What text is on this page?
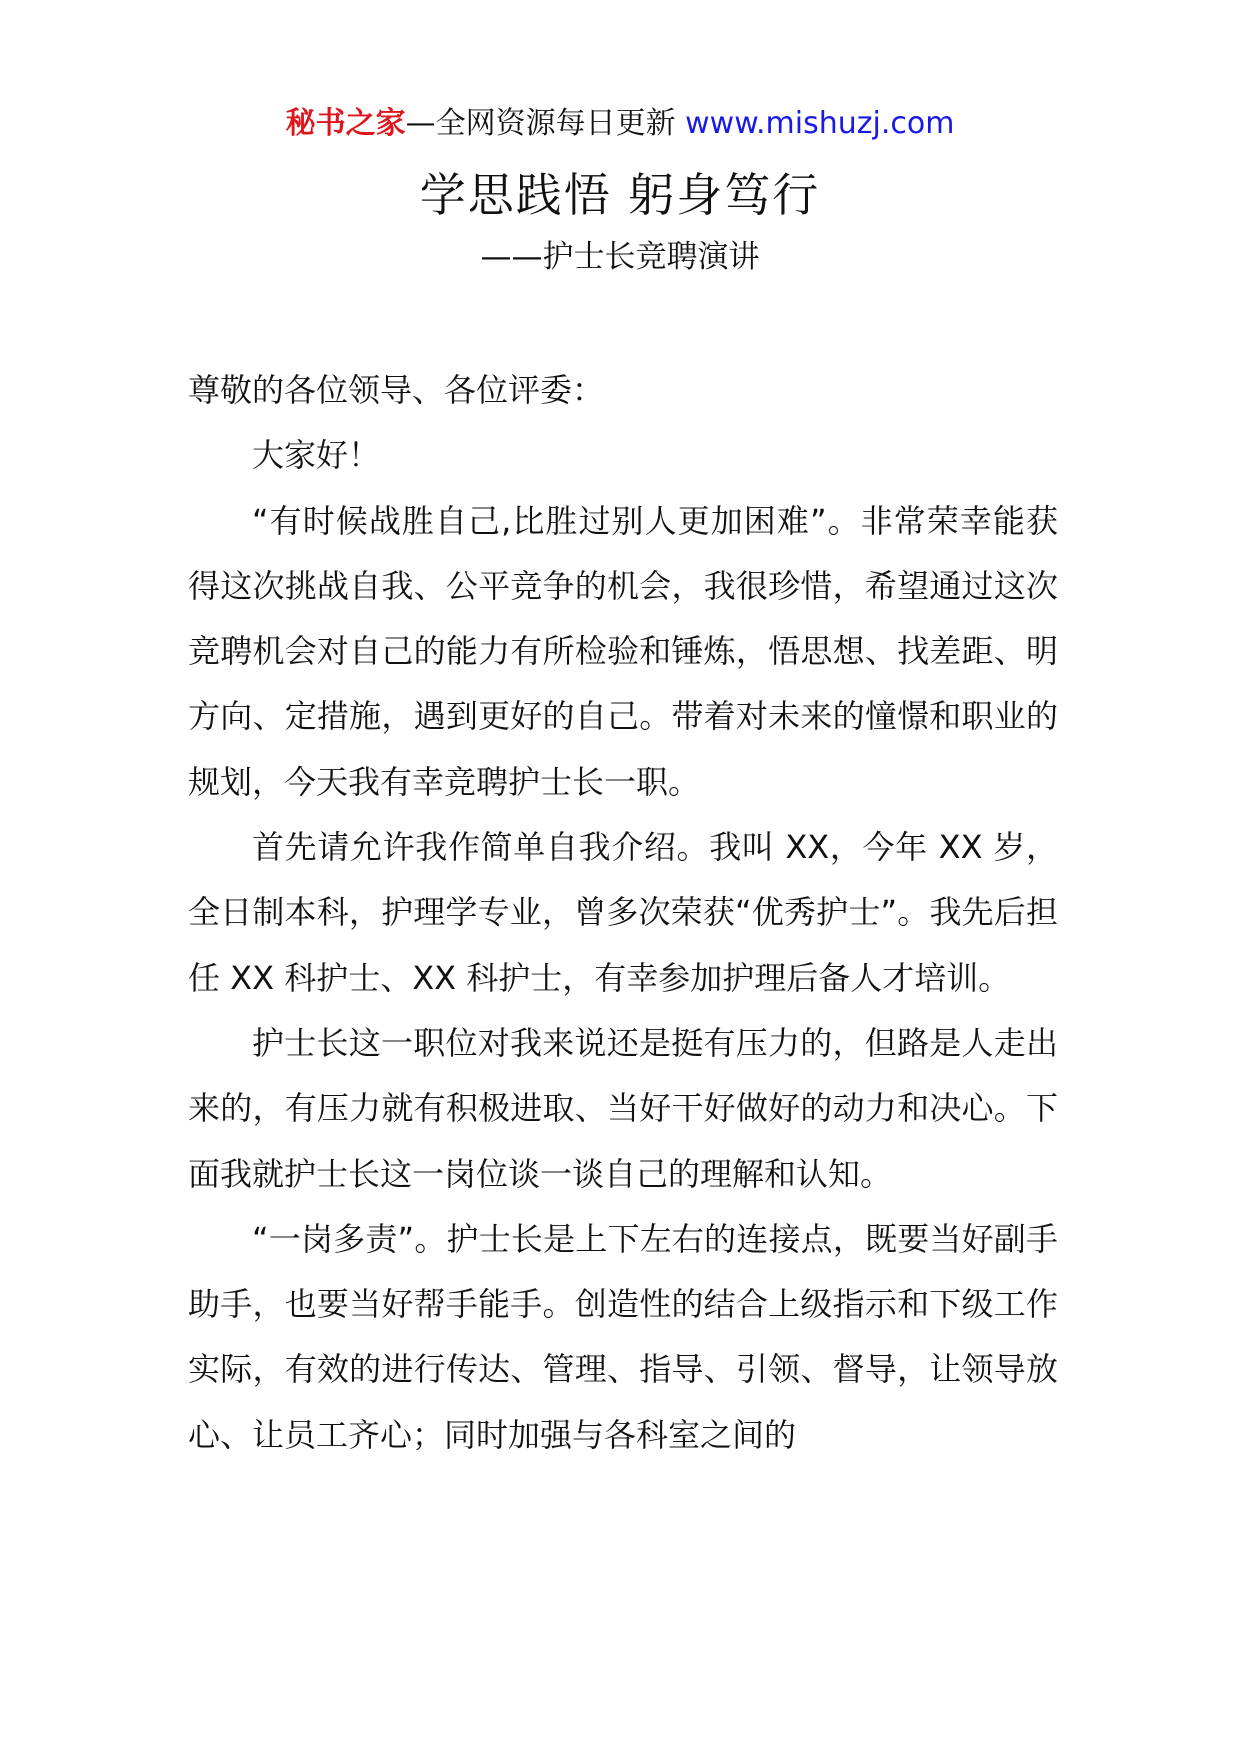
秘书之家—全网资源每日更新 www.mishuzj.com
学思践悟 躬身笃行
——护士长竞聘演讲

尊敬的各位领导、各位评委：

大家好！

“有时候战胜自己,比胜过别人更加困难”。非常荣幸能获得这次挑战自我、公平竞争的机会，我很珍惜，希望通过这次竞聘机会对自己的能力有所检验和锤炼，悟思想、找差距、明方向、定措施，遇到更好的自己。带着对未来的憧憬和职业的规划，今天我有幸竞聘护士长一职。

首先请允许我作简单自我介绍。我叫 XX，今年 XX 岁，全日制本科，护理学专业，曾多次荣获“优秀护士”。我先后担任 XX 科护士、XX 科护士，有幸参加护理后备人才培训。

护士长这一职位对我来说还是挺有压力的，但路是人走出来的，有压力就有积极进取、当好干好做好的动力和决心。下面我就护士长这一岗位谈一谈自己的理解和认知。

“一岗多责”。护士长是上下左右的连接点，既要当好副手助手，也要当好帮手能手。创造性的结合上级指示和下级工作实际，有效的进行传达、管理、指导、引领、督导，让领导放心、让员工齐心；同时加强与各科室之间的
